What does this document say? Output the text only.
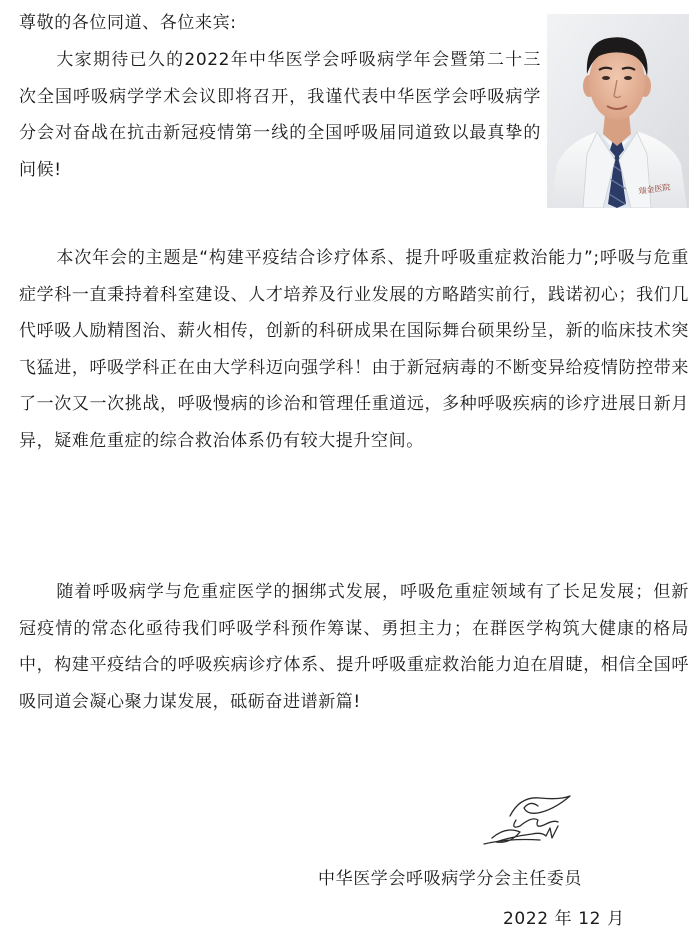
尊敬的各位同道、各位来宾:
瑞金医院

大家期待已久的2022年中华医学会呼吸病学年会暨第二十三次全国呼吸病学学术会议即将召开，我谨代表中华医学会呼吸病学分会对奋战在抗击新冠疫情第一线的全国呼吸届同道致以最真挚的问候!

本次年会的主题是“构建平疫结合诊疗体系、提升呼吸重症救治能力”;呼吸与危重症学科一直秉持着科室建设、人才培养及行业发展的方略踏实前行，践诺初心；我们几代呼吸人励精图治、薪火相传，创新的科研成果在国际舞台硕果纷呈，新的临床技术突飞猛进，呼吸学科正在由大学科迈向强学科！由于新冠病毒的不断变异给疫情防控带来了一次又一次挑战，呼吸慢病的诊治和管理任重道远，多种呼吸疾病的诊疗进展日新月异，疑难危重症的综合救治体系仍有较大提升空间。

随着呼吸病学与危重症医学的捆绑式发展，呼吸危重症领域有了长足发展；但新冠疫情的常态化亟待我们呼吸学科预作筹谋、勇担主力；在群医学构筑大健康的格局中，构建平疫结合的呼吸疾病诊疗体系、提升呼吸重症救治能力迫在眉睫，相信全国呼吸同道会凝心聚力谋发展，砥砺奋进谱新篇!

中华医学会呼吸病学分会主任委员
2022 年 12 月
